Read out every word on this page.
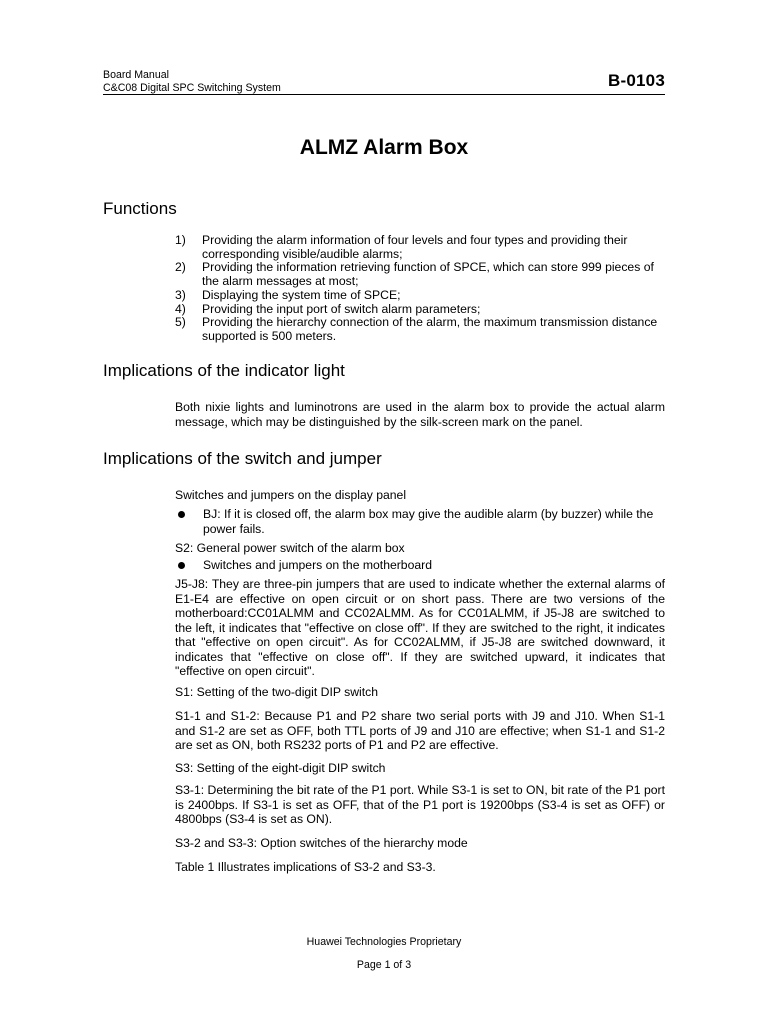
Board Manual
C&C08 Digital SPC Switching System	B-0103
ALMZ Alarm Box
Functions
1) Providing the alarm information of four levels and four types and providing their corresponding visible/audible alarms;
2) Providing the information retrieving function of SPCE, which can store 999 pieces of the alarm messages at most;
3) Displaying the system time of SPCE;
4) Providing the input port of switch alarm parameters;
5) Providing the hierarchy connection of the alarm, the maximum transmission distance supported is 500 meters.
Implications of the indicator light

Both nixie lights and luminotrons are used in the alarm box to provide the actual alarm message, which may be distinguished by the silk-screen mark on the panel.

Implications of the switch and jumper

Switches and jumpers on the display panel

BJ: If it is closed off, the alarm box may give the audible alarm (by buzzer) while the power fails.

S2: General power switch of the alarm box

Switches and jumpers on the motherboard

J5-J8: They are three-pin jumpers that are used to indicate whether the external alarms of E1-E4 are effective on open circuit or on short pass. There are two versions of the motherboard:CC01ALMM and CC02ALMM. As for CC01ALMM, if J5-J8 are switched to the left, it indicates that "effective on close off". If they are switched to the right, it indicates that "effective on open circuit". As for CC02ALMM, if J5-J8 are switched downward, it indicates that "effective on close off". If they are switched upward, it indicates that "effective on open circuit".

S1: Setting of the two-digit DIP switch

S1-1 and S1-2: Because P1 and P2 share two serial ports with J9 and J10. When S1-1 and S1-2 are set as OFF, both TTL ports of J9 and J10 are effective; when S1-1 and S1-2 are set as ON, both RS232 ports of P1 and P2 are effective.

S3: Setting of the eight-digit DIP switch

S3-1: Determining the bit rate of the P1 port. While S3-1 is set to ON, bit rate of the P1 port is 2400bps. If S3-1 is set as OFF, that of the P1 port is 19200bps (S3-4 is set as OFF) or 4800bps (S3-4 is set as ON).

S3-2 and S3-3: Option switches of the hierarchy mode

Table 1 Illustrates implications of S3-2 and S3-3.

Huawei Technologies Proprietary
Page 1 of 3
